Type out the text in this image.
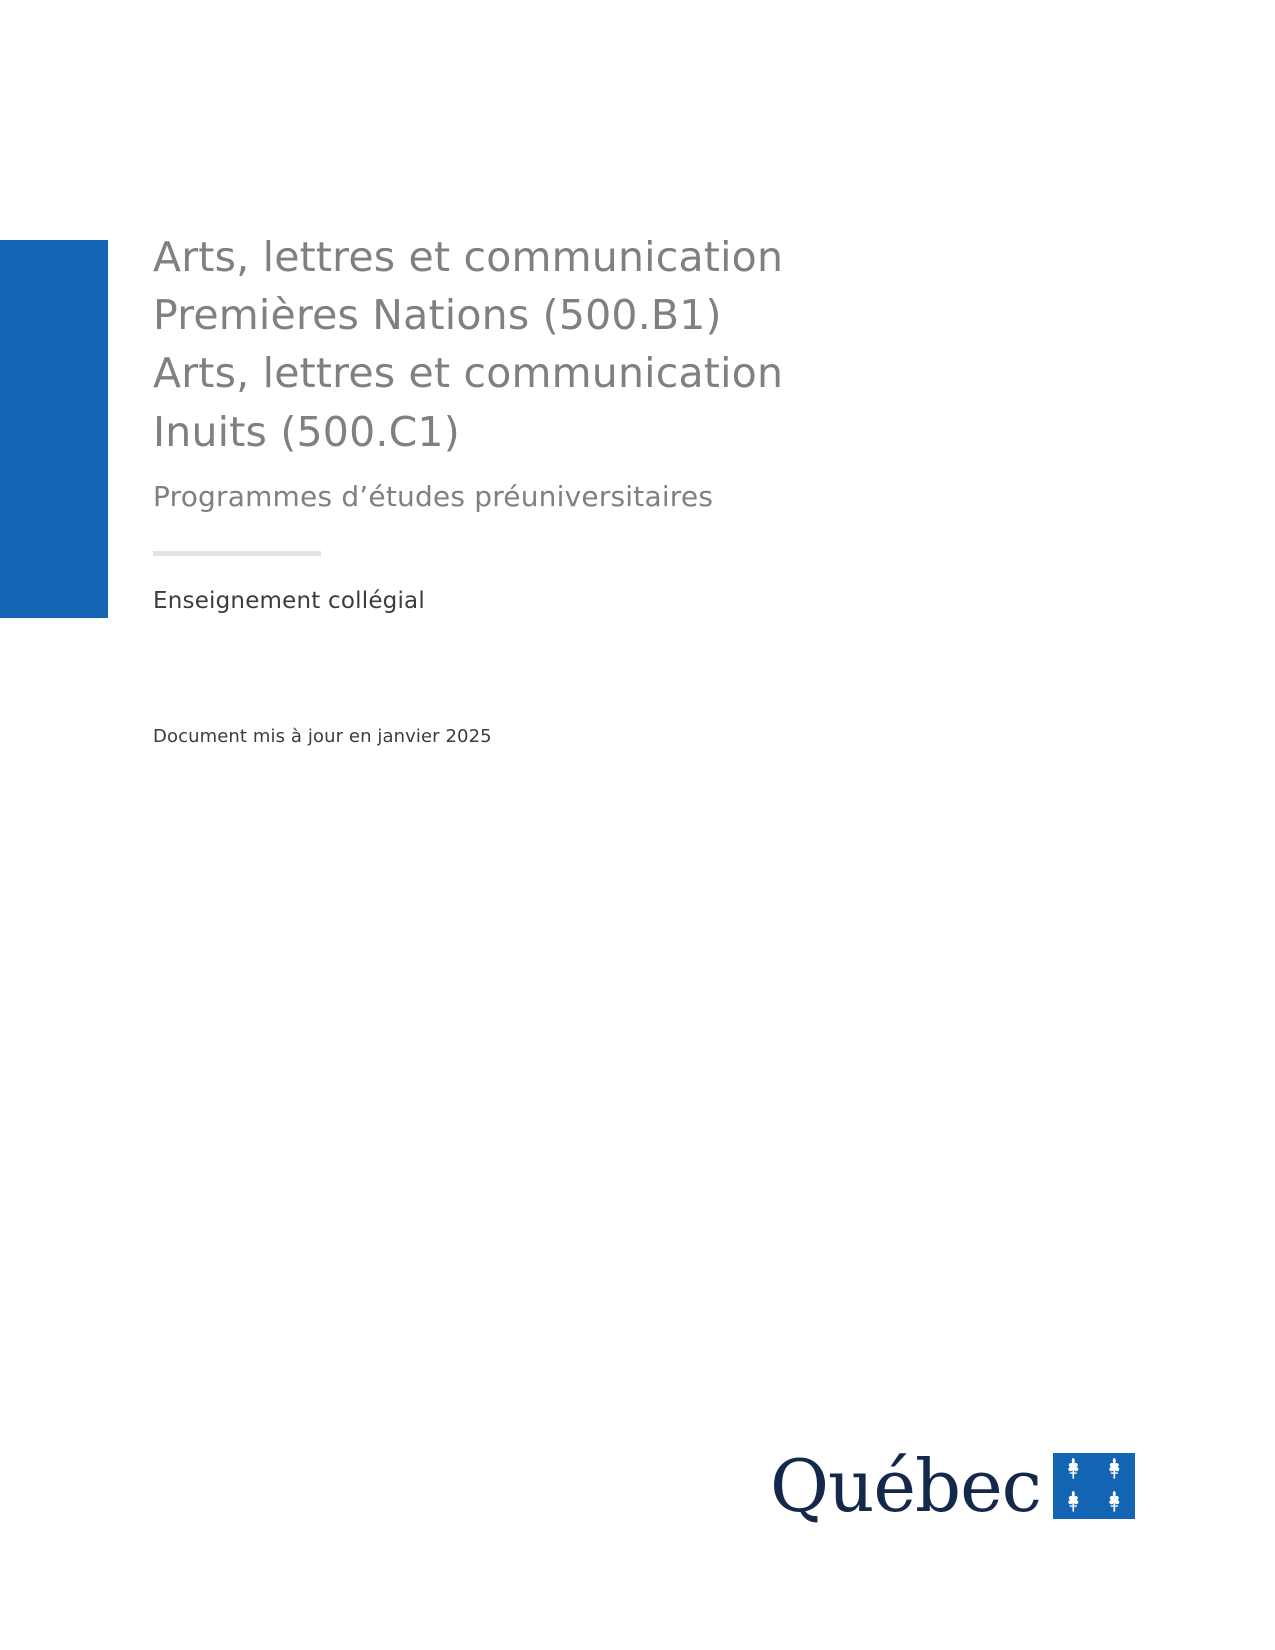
Arts, lettres et communication
Premières Nations (500.B1)
Arts, lettres et communication
Inuits (500.C1)

Programmes d’études préuniversitaires

Enseignement collégial

Document mis à jour en janvier 2025
Québec
